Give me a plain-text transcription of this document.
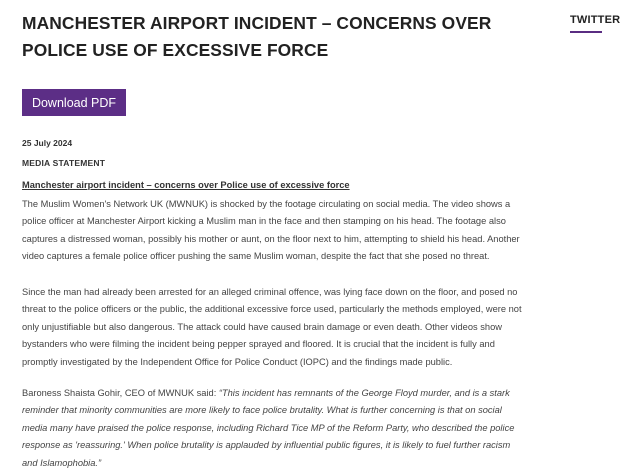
MANCHESTER AIRPORT INCIDENT – CONCERNS OVER POLICE USE OF EXCESSIVE FORCE
TWITTER
Download PDF
25 July 2024
MEDIA STATEMENT
Manchester airport incident – concerns over Police use of excessive force

The Muslim Women's Network UK (MWNUK) is shocked by the footage circulating on social media. The video shows a police officer at Manchester Airport kicking a Muslim man in the face and then stamping on his head. The footage also captures a distressed woman, possibly his mother or aunt, on the floor next to him, attempting to shield his head. Another video captures a female police officer pushing the same Muslim woman, despite the fact that she posed no threat.

Since the man had already been arrested for an alleged criminal offence, was lying face down on the floor, and posed no threat to the police officers or the public, the additional excessive force used, particularly the methods employed, were not only unjustifiable but also dangerous. The attack could have caused brain damage or even death. Other videos show bystanders who were filming the incident being pepper sprayed and floored. It is crucial that the incident is fully and promptly investigated by the Independent Office for Police Conduct (IOPC) and the findings made public.

Baroness Shaista Gohir, CEO of MWNUK said: “This incident has remnants of the George Floyd murder, and is a stark reminder that minority communities are more likely to face police brutality. What is further concerning is that on social media many have praised the police response, including Richard Tice MP of the Reform Party, who described the police response as 'reassuring.' When police brutality is applauded by influential public figures, it is likely to fuel further racism and Islamophobia.”
